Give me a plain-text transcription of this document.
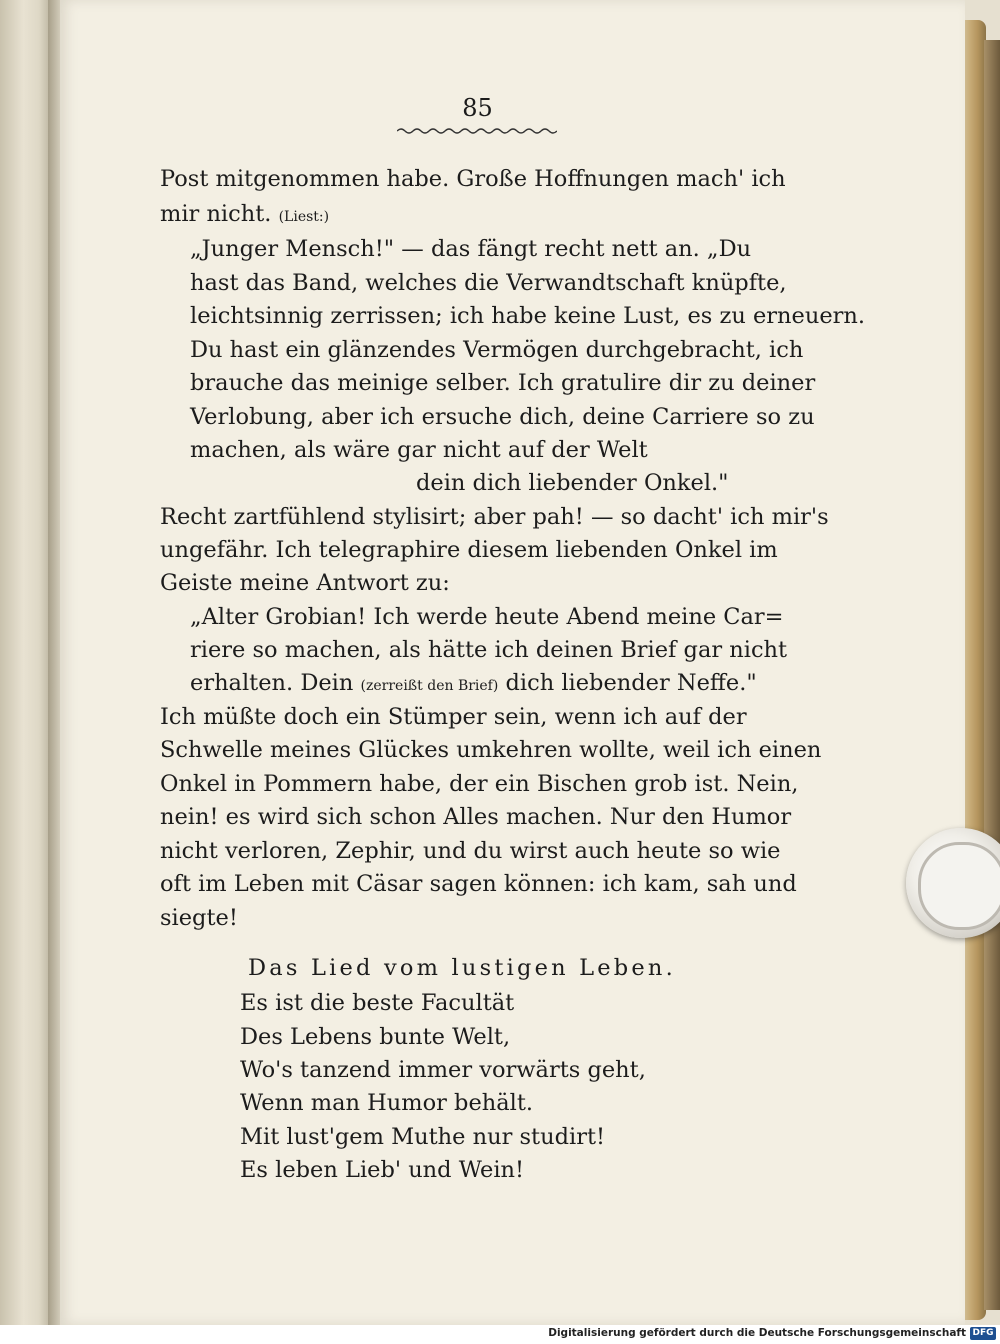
85
Post mitgenommen habe. Große Hoffnungen mach' ich
mir nicht. (Liest:)
„Junger Mensch!" — das fängt recht nett an. „Du
hast das Band, welches die Verwandtschaft knüpfte,
leichtsinnig zerrissen; ich habe keine Lust, es zu erneuern.
Du hast ein glänzendes Vermögen durchgebracht, ich
brauche das meinige selber. Ich gratulire dir zu deiner
Verlobung, aber ich ersuche dich, deine Carriere so zu
machen, als wäre gar nicht auf der Welt
dein dich liebender Onkel."
Recht zartfühlend stylisirt; aber pah! — so dacht' ich mir's
ungefähr. Ich telegraphire diesem liebenden Onkel im
Geiste meine Antwort zu:
„Alter Grobian! Ich werde heute Abend meine Car=
riere so machen, als hätte ich deinen Brief gar nicht
erhalten. Dein (zerreißt den Brief) dich liebender Neffe."
Ich müßte doch ein Stümper sein, wenn ich auf der
Schwelle meines Glückes umkehren wollte, weil ich einen
Onkel in Pommern habe, der ein Bischen grob ist. Nein,
nein! es wird sich schon Alles machen. Nur den Humor
nicht verloren, Zephir, und du wirst auch heute so wie
oft im Leben mit Cäsar sagen können: ich kam, sah und
siegte!
Das Lied vom lustigen Leben.
Es ist die beste Facultät
Des Lebens bunte Welt,
Wo's tanzend immer vorwärts geht,
Wenn man Humor behält.
Mit lust'gem Muthe nur studirt!
Es leben Lieb' und Wein!
Digitalisierung gefördert durch die Deutsche Forschungsgemeinschaft DFG
